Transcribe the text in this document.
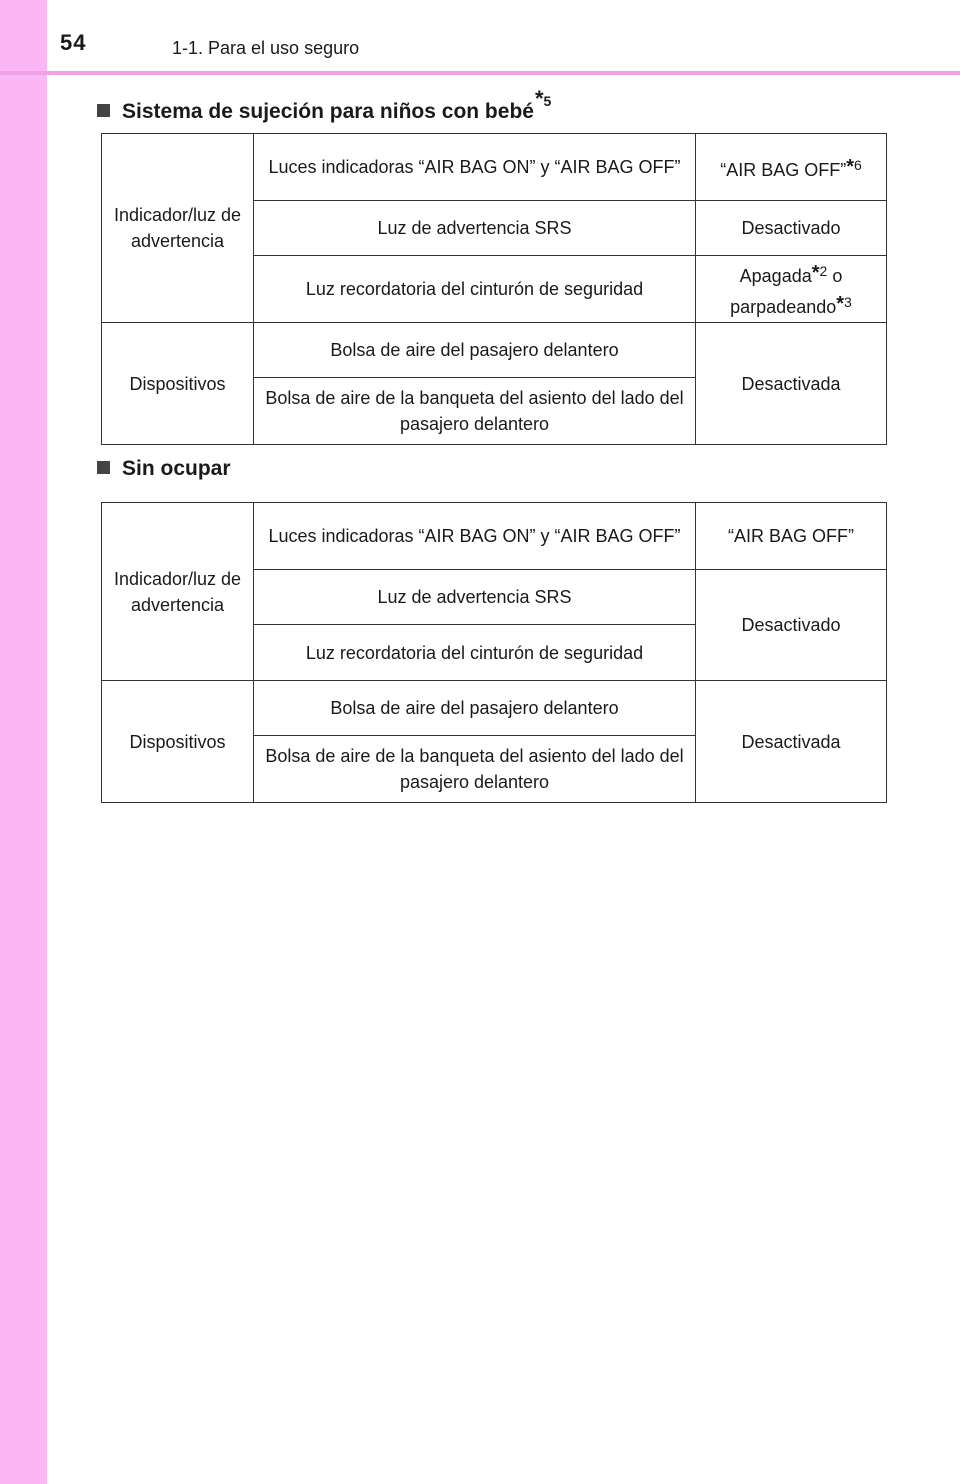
54	1-1. Para el uso seguro
Sistema de sujeción para niños con bebé$^{*5}$
Indicador/luz de advertencia	Luces indicadoras “AIR BAG ON” y “AIR BAG OFF”	“AIR BAG OFF”*$^6$
	Luz de advertencia SRS	Desactivado
	Luz recordatoria del cinturón de seguridad	Apagada*$^2$ o
parpadeando*$^3$
Dispositivos	Bolsa de aire del pasajero delantero	Desactivada
	Bolsa de aire de la banqueta del asiento del lado del pasajero delantero	
Sin ocupar
Indicador/luz de advertencia	Luces indicadoras “AIR BAG ON” y “AIR BAG OFF”	“AIR BAG OFF”
	Luz de advertencia SRS	Desactivado
	Luz recordatoria del cinturón de seguridad	
Dispositivos	Bolsa de aire del pasajero delantero	Desactivada
	Bolsa de aire de la banqueta del asiento del lado del pasajero delantero	
